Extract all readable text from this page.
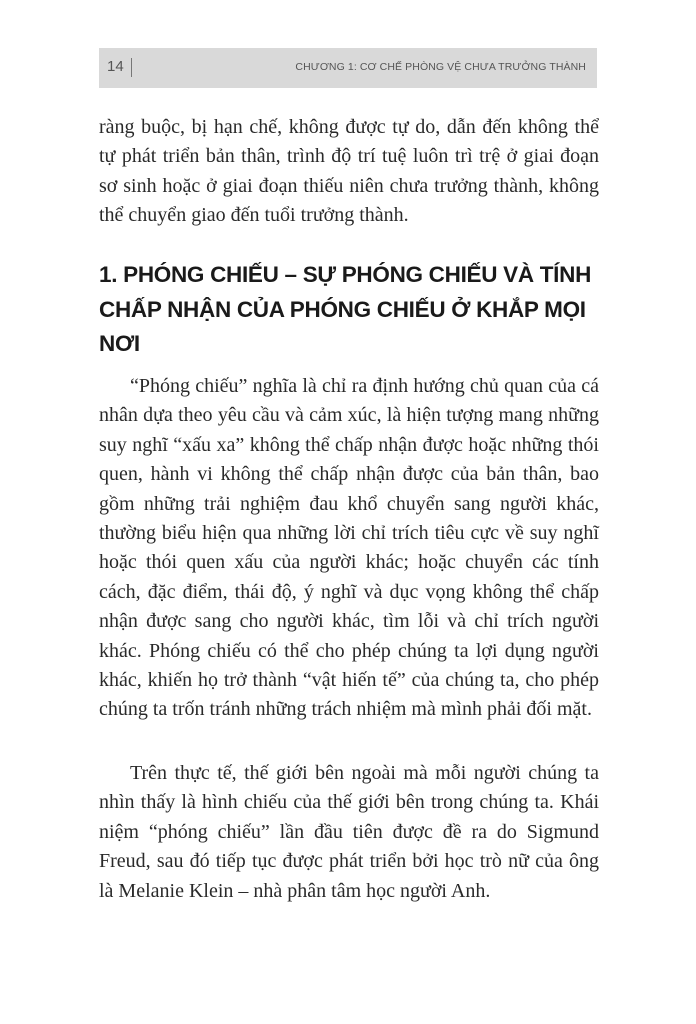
14	CHƯƠNG 1: CƠ CHẾ PHÒNG VỆ CHƯA TRƯỞNG THÀNH

ràng buộc, bị hạn chế, không được tự do, dẫn đến không thể tự phát triển bản thân, trình độ trí tuệ luôn trì trệ ở giai đoạn sơ sinh hoặc ở giai đoạn thiếu niên chưa trưởng thành, không thể chuyển giao đến tuổi trưởng thành.

1. PHÓNG CHIẾU – SỰ PHÓNG CHIẾU VÀ TÍNH CHẤP NHẬN CỦA PHÓNG CHIẾU Ở KHẮP MỌI NƠI

“Phóng chiếu” nghĩa là chỉ ra định hướng chủ quan của cá nhân dựa theo yêu cầu và cảm xúc, là hiện tượng mang những suy nghĩ “xấu xa” không thể chấp nhận được hoặc những thói quen, hành vi không thể chấp nhận được của bản thân, bao gồm những trải nghiệm đau khổ chuyển sang người khác, thường biểu hiện qua những lời chỉ trích tiêu cực về suy nghĩ hoặc thói quen xấu của người khác; hoặc chuyển các tính cách, đặc điểm, thái độ, ý nghĩ và dục vọng không thể chấp nhận được sang cho người khác, tìm lỗi và chỉ trích người khác. Phóng chiếu có thể cho phép chúng ta lợi dụng người khác, khiến họ trở thành “vật hiến tế” của chúng ta, cho phép chúng ta trốn tránh những trách nhiệm mà mình phải đối mặt.

Trên thực tế, thế giới bên ngoài mà mỗi người chúng ta nhìn thấy là hình chiếu của thế giới bên trong chúng ta. Khái niệm “phóng chiếu” lần đầu tiên được đề ra do Sigmund Freud, sau đó tiếp tục được phát triển bởi học trò nữ của ông là Melanie Klein – nhà phân tâm học người Anh.
